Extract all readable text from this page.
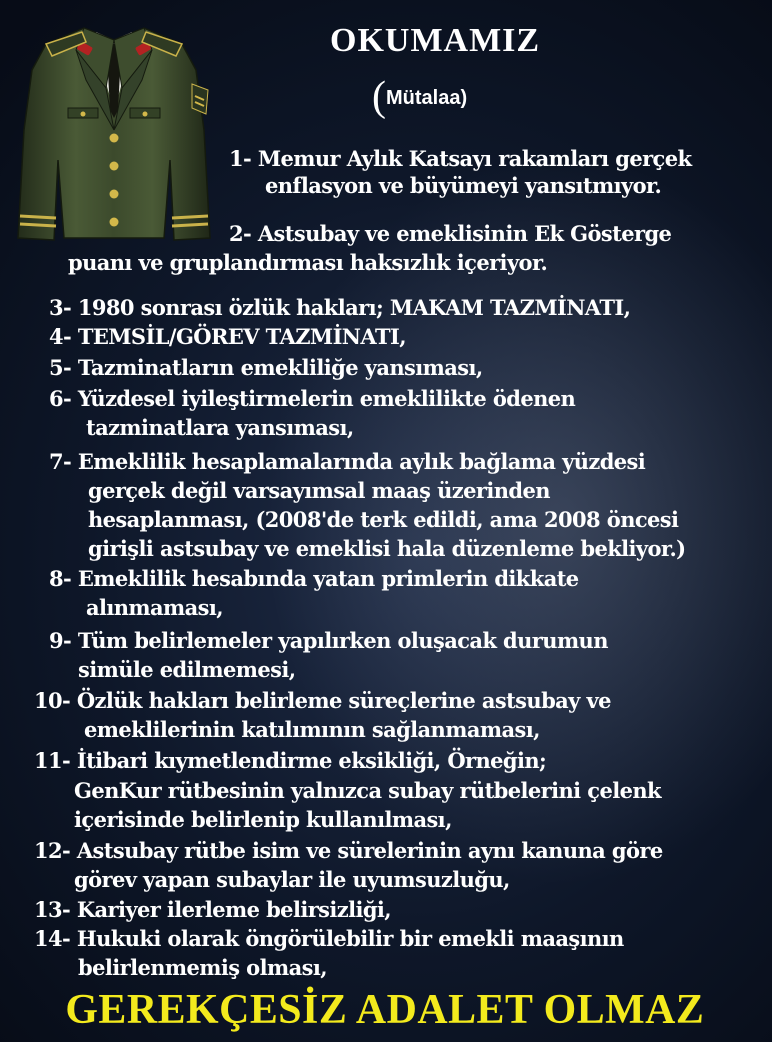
OKUMAMIZ
(Mütalaa)
1- Memur Aylık Katsayı rakamları gerçek
enflasyon ve büyümeyi yansıtmıyor.
2- Astsubay ve emeklisinin Ek Gösterge
puanı ve gruplandırması haksızlık içeriyor.
3- 1980 sonrası özlük hakları; MAKAM TAZMİNATI,
4- TEMSİL/GÖREV TAZMİNATI,
5- Tazminatların emekliliğe yansıması,
6- Yüzdesel iyileştirmelerin emeklilikte ödenen
tazminatlara yansıması,
7- Emeklilik hesaplamalarında aylık bağlama yüzdesi
gerçek değil varsayımsal maaş üzerinden
hesaplanması, (2008'de terk edildi, ama 2008 öncesi
girişli astsubay ve emeklisi hala düzenleme bekliyor.)
8- Emeklilik hesabında yatan primlerin dikkate
alınmaması,
9- Tüm belirlemeler yapılırken oluşacak durumun
simüle edilmemesi,
10- Özlük hakları belirleme süreçlerine astsubay ve
emeklilerinin katılımının sağlanmaması,
11- İtibari kıymetlendirme eksikliği, Örneğin;
GenKur rütbesinin yalnızca subay rütbelerini çelenk
içerisinde belirlenip kullanılması,
12- Astsubay rütbe isim ve sürelerinin aynı kanuna göre
görev yapan subaylar ile uyumsuzluğu,
13- Kariyer ilerleme belirsizliği,
14- Hukuki olarak öngörülebilir bir emekli maaşının
belirlenmemiş olması,
GEREKÇESİZ ADALET OLMAZ
